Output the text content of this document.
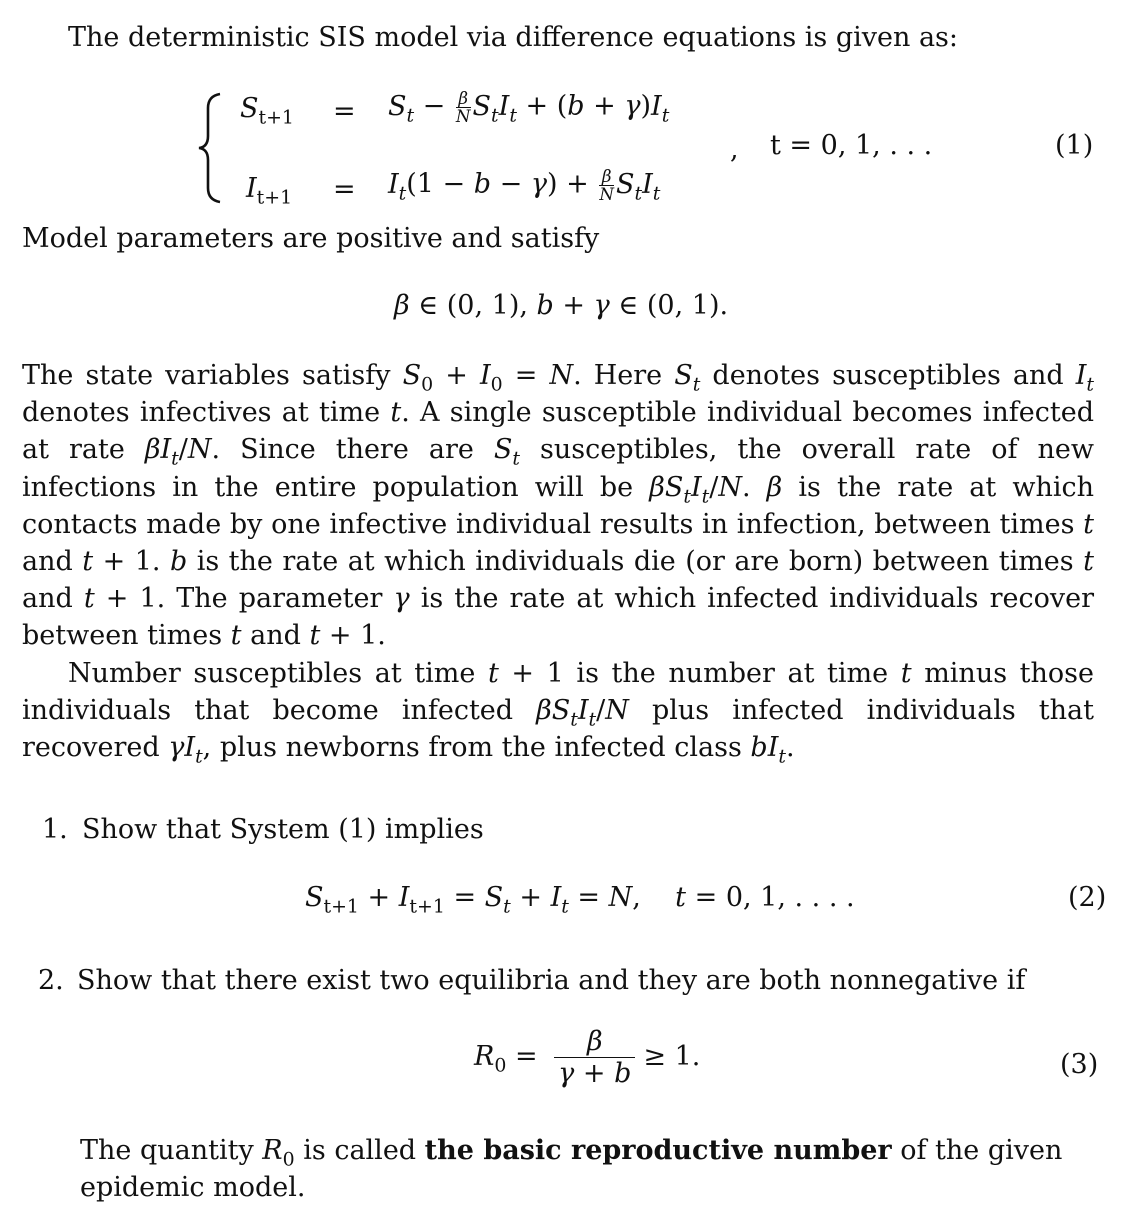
The deterministic SIS model via difference equations is given as:
$S_{t+1} = S_t - \frac{\beta}{N} S_tI_t + (b + \gamma)I_t$
, t = 0, 1, . . .	(1)
$I_{t+1} = I_t(1 - b - \gamma) + \frac{\beta}{N} S_tI_t$
Model parameters are positive and satisfy
β ∈ (0, 1), b + γ ∈ (0, 1).
The state variables satisfy $S_0 + I_0 = N$. Here $S_t$ denotes susceptibles and $I_t$ denotes infectives at time t. A single susceptible individual becomes infected at rate $\beta I_t/N$. Since there are $S_t$ susceptibles, the overall rate of new infections in the entire population will be $\beta S_tI_t/N$. β is the rate at which contacts made by one infective individual results in infection, between times t and t + 1. b is the rate at which individuals die (or are born) between times t and t + 1. The parameter γ is the rate at which infected individuals recover between times t and t + 1.
Number susceptibles at time t + 1 is the number at time t minus those individuals that become infected $\beta S_tI_t/N$ plus infected individuals that recovered $\gamma I_t$, plus newborns from the infected class $bI_t$.
1. Show that System (1) implies
$S_{t+1} + I_{t+1} = S_t + I_t = N$,    t = 0, 1, . . . .	(2)
2. Show that there exist two equilibria and they are both nonnegative if
$R_0 = \frac{\beta}{\gamma + b} \ge 1$.	(3)
The quantity $R_0$ is called the basic reproductive number of the given epidemic model.
